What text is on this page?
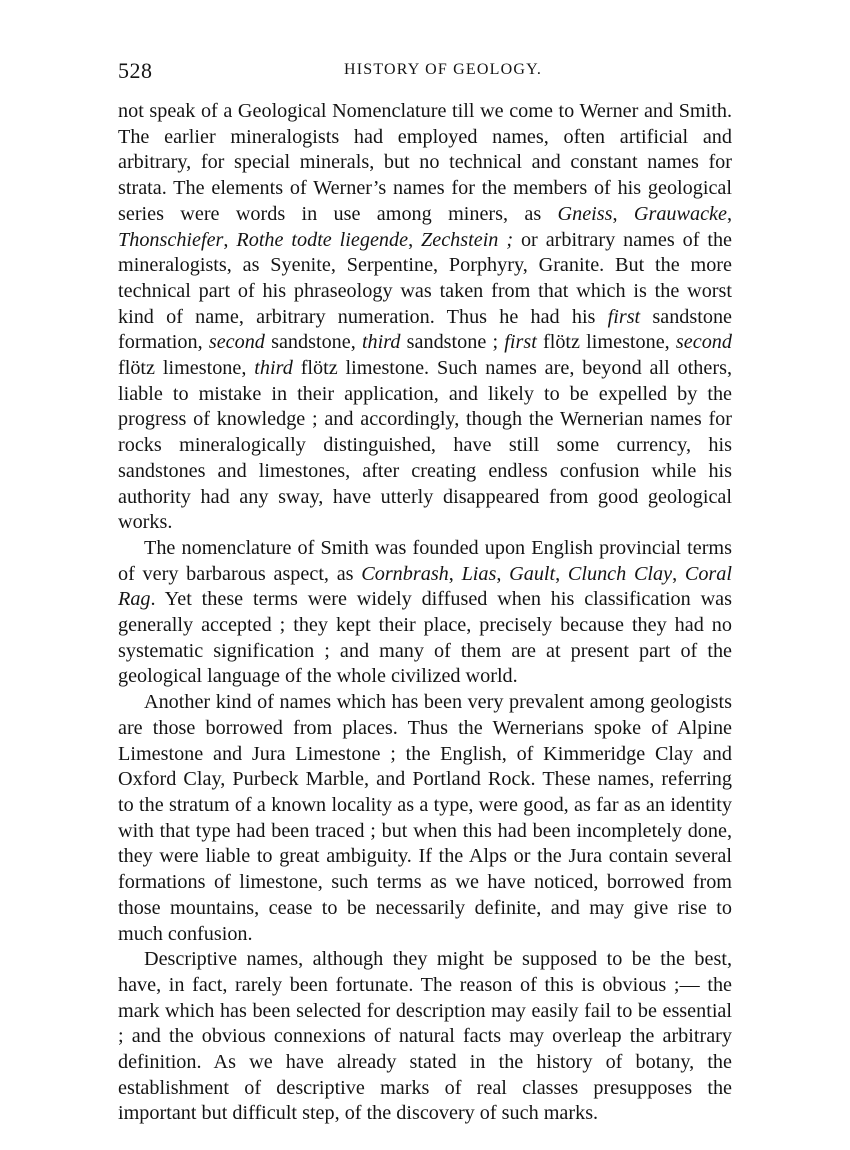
528	HISTORY OF GEOLOGY.

not speak of a Geological Nomenclature till we come to Werner and Smith. The earlier mineralogists had employed names, often artificial and arbitrary, for special minerals, but no technical and constant names for strata. The elements of Werner’s names for the members of his geological series were words in use among miners, as Gneiss, Grauwacke, Thonschiefer, Rothe todte liegende, Zechstein ; or arbitrary names of the mineralogists, as Syenite, Serpentine, Porphyry, Granite. But the more technical part of his phraseology was taken from that which is the worst kind of name, arbitrary numeration. Thus he had his first sandstone formation, second sandstone, third sandstone ; first flötz limestone, second flötz limestone, third flötz limestone. Such names are, beyond all others, liable to mistake in their application, and likely to be expelled by the progress of knowledge ; and accordingly, though the Wernerian names for rocks mineralogically distinguished, have still some currency, his sandstones and limestones, after creating endless confusion while his authority had any sway, have utterly disappeared from good geological works.

The nomenclature of Smith was founded upon English provincial terms of very barbarous aspect, as Cornbrash, Lias, Gault, Clunch Clay, Coral Rag. Yet these terms were widely diffused when his classification was generally accepted ; they kept their place, precisely because they had no systematic signification ; and many of them are at present part of the geological language of the whole civilized world.

Another kind of names which has been very prevalent among geologists are those borrowed from places. Thus the Wernerians spoke of Alpine Limestone and Jura Limestone ; the English, of Kimmeridge Clay and Oxford Clay, Purbeck Marble, and Portland Rock. These names, referring to the stratum of a known locality as a type, were good, as far as an identity with that type had been traced ; but when this had been incompletely done, they were liable to great ambiguity. If the Alps or the Jura contain several formations of limestone, such terms as we have noticed, borrowed from those mountains, cease to be necessarily definite, and may give rise to much confusion.

Descriptive names, although they might be supposed to be the best, have, in fact, rarely been fortunate. The reason of this is obvious ;— the mark which has been selected for description may easily fail to be essential ; and the obvious connexions of natural facts may overleap the arbitrary definition. As we have already stated in the history of botany, the establishment of descriptive marks of real classes presupposes the important but difficult step, of the discovery of such marks.
